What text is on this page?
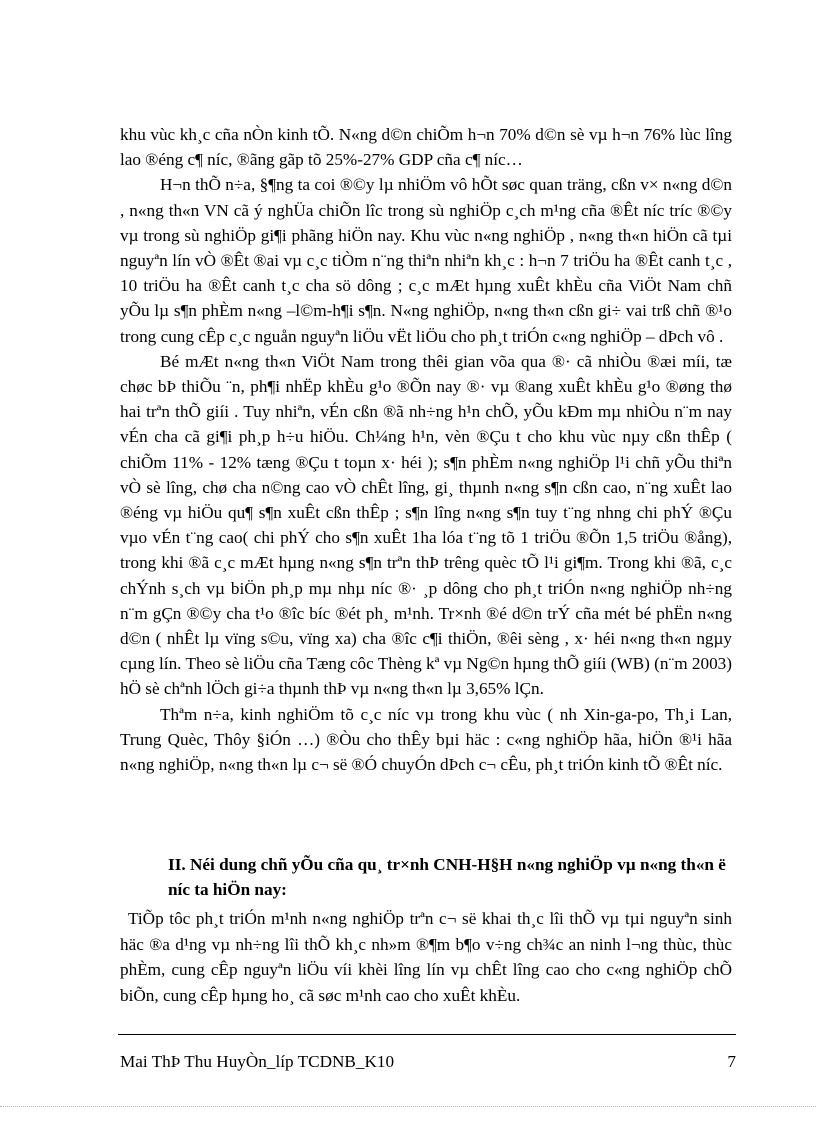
khu vùc kh¸c cña nÒn kinh tÕ. N«ng d©n chiÕm h¬n 70% d©n sè vµ h¬n 76% lùc lîng lao ®éng c¶ níc, ®ãng gãp tõ 25%-27% GDP cña c¶ níc…

H¬n thÕ n÷a, §¶ng ta coi ®©y lµ nhiÖm vô hÕt søc quan träng, cßn v× n«ng d©n , n«ng th«n VN cã ý nghÜa chiÕn lîc trong sù nghiÖp c¸ch m¹ng cña ®Êt níc tríc ®©y vµ trong sù nghiÖp gi¶i phãng hiÖn nay. Khu vùc n«ng nghiÖp , n«ng th«n hiÖn cã tµi nguyªn lín vÒ ®Êt ®ai vµ c¸c tiÒm n¨ng thiªn nhiªn kh¸c : h¬n 7 triÖu ha ®Êt canh t¸c , 10 triÖu ha ®Êt canh t¸c cha sö dông ; c¸c mÆt hµng xuÊt khÈu cña ViÖt Nam chñ yÕu lµ s¶n phÈm n«ng –l©m-h¶i s¶n. N«ng nghiÖp, n«ng th«n cßn gi÷ vai trß chñ ®¹o trong cung cÊp c¸c nguån nguyªn liÖu vËt liÖu cho ph¸t triÓn c«ng nghiÖp – dÞch vô .

Bé mÆt n«ng th«n ViÖt Nam trong thêi gian võa qua ®· cã nhiÒu ®æi míi, tæ chøc bÞ thiÕu ¨n, ph¶i nhËp khÈu g¹o ®Õn nay ®· vµ ®ang xuÊt khÈu g¹o ®øng thø hai trªn thÕ giíi . Tuy nhiªn, vÉn cßn ®ã nh÷ng h¹n chÕ, yÕu kÐm mµ nhiÒu n¨m nay vÉn cha cã gi¶i ph¸p h÷u hiÖu. Ch¼ng h¹n, vèn ®Çu t cho khu vùc nµy cßn thÊp ( chiÕm 11% - 12% tæng ®Çu t toµn x· héi ); s¶n phÈm n«ng nghiÖp l¹i chñ yÕu thiªn vÒ sè lîng, chø cha n©ng cao vÒ chÊt lîng, gi¸ thµnh n«ng s¶n cßn cao, n¨ng xuÊt lao ®éng vµ hiÖu qu¶ s¶n xuÊt cßn thÊp ; s¶n lîng n«ng s¶n tuy t¨ng nhng chi phÝ ®Çu vµo vÉn t¨ng cao( chi phÝ cho s¶n xuÊt 1ha lóa t¨ng tõ 1 triÖu ®Õn 1,5 triÖu ®ång), trong khi ®ã c¸c mÆt hµng n«ng s¶n trªn thÞ trêng quèc tÕ l¹i gi¶m. Trong khi ®ã, c¸c chÝnh s¸ch vµ biÖn ph¸p mµ nhµ níc ®· ¸p dông cho ph¸t triÓn n«ng nghiÖp nh÷ng n¨m gÇn ®©y cha t¹o ®îc bíc ®ét ph¸ m¹nh. Tr×nh ®é d©n trÝ cña mét bé phËn n«ng d©n ( nhÊt lµ vïng s©u, vïng xa) cha ®îc c¶i thiÖn, ®êi sèng , x· héi n«ng th«n ngµy cµng lín. Theo sè liÖu cña Tæng côc Thèng kª vµ Ng©n hµng thÕ giíi (WB) (n¨m 2003) hÖ sè chªnh lÖch gi÷a thµnh thÞ vµ n«ng th«n lµ 3,65% lÇn.

Thªm n÷a, kinh nghiÖm tõ c¸c níc vµ trong khu vùc ( nh Xin-ga-po, Th¸i Lan, Trung Quèc, Thôy §iÓn …) ®Òu cho thÊy bµi häc : c«ng nghiÖp hãa, hiÖn ®¹i hãa n«ng nghiÖp, n«ng th«n lµ c¬ së ®Ó chuyÓn dÞch c¬ cÊu, ph¸t triÓn kinh tÕ ®Êt níc.

II. Néi dung chñ yÕu cña qu¸ tr×nh CNH-H§H n«ng nghiÖp vµ n«ng th«n ë níc ta hiÖn nay:
TiÕp tôc ph¸t triÓn m¹nh n«ng nghiÖp trªn c¬ së khai th¸c lîi thÕ vµ tµi nguyªn sinh häc ®a d¹ng vµ nh÷ng lîi thÕ kh¸c nh»m ®¶m b¶o v÷ng ch¾c an ninh l¬ng thùc, thùc phÈm, cung cÊp nguyªn liÖu víi khèi lîng lín vµ chÊt lîng cao cho c«ng nghiÖp chÕ biÕn, cung cÊp hµng ho¸ cã søc m¹nh cao cho xuÊt khÈu.
Mai ThÞ Thu HuyÒn_líp TCDNB_K10	7
